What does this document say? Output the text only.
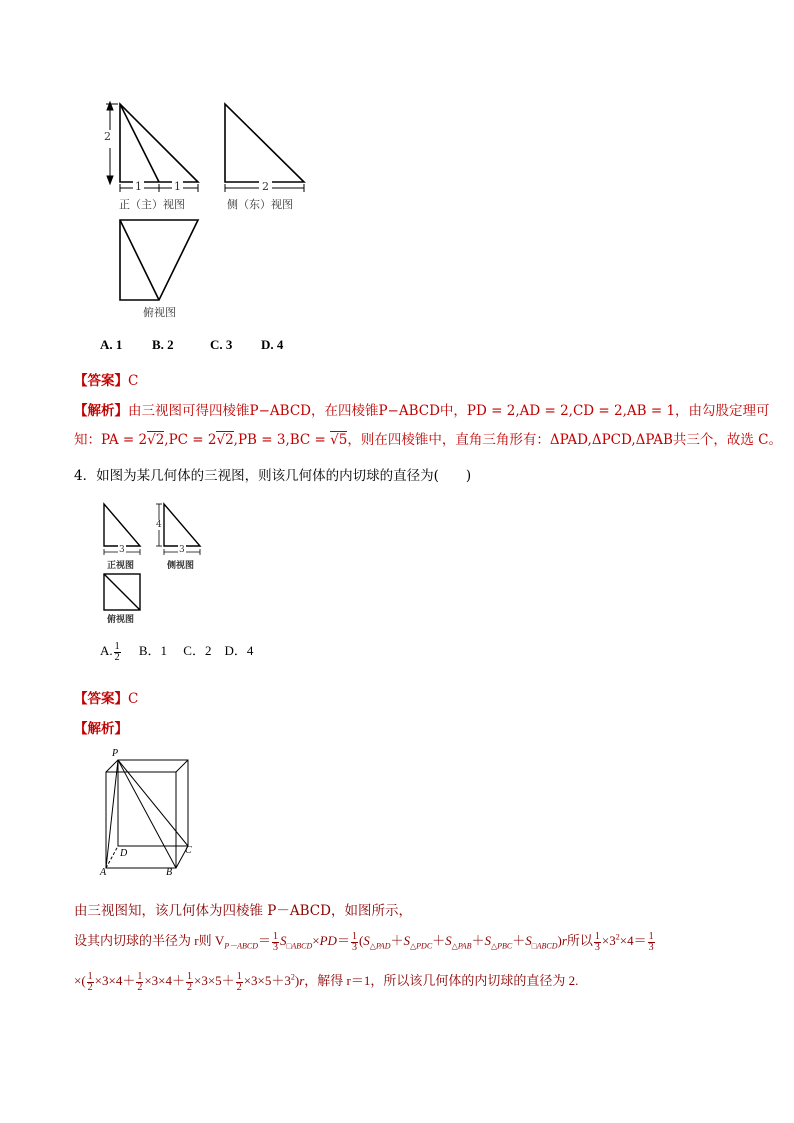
2
1	1	2
正（主）视图	侧（东）视图
俯视图
A. 1 B. 2	C. 3 D. 4
【答案】C
【解析】由三视图可得四棱锥P−ABCD，在四棱锥P−ABCD中，PD = 2,AD = 2,CD = 2,AB = 1，由勾股定理可
知：PA = 2√2,PC = 2√2,PB = 3,BC = √5，则在四棱锥中，直角三角形有：ΔPAD,ΔPCD,ΔPAB共三个，故选 C。
4．如图为某几何体的三视图，则该几何体的内切球的直径为(　　)
3
4
3
正视图	侧视图
俯视图
A. $\frac{1}{2}$ B．1　 C．2　D．4
【答案】C
【解析】
P
A	B
C
D
由三视图知，该几何体为四棱锥 P－ABCD，如图所示，
设其内切球的半径为 r则 $V_{P-ABCD}= \frac{1}{3} S_{□ABCD}\times PD= \frac{1}{3} (S_{\triangle PAD}+S_{\triangle PDC}+S_{\triangle PAB}+S_{\triangle PBC}+S_{□ABCD})r$所以 $\frac{1}{3} \times 3^2\times 4= \frac{1}{3}$
×( $\frac{1}{2} \times 3\times 4+ \frac{1}{2} \times 3\times 4+ \frac{1}{2} \times 3\times 5+ \frac{1}{2} \times 3\times 5+3^2)r$，解得 r＝1，所以该几何体的内切球的直径为 2.
